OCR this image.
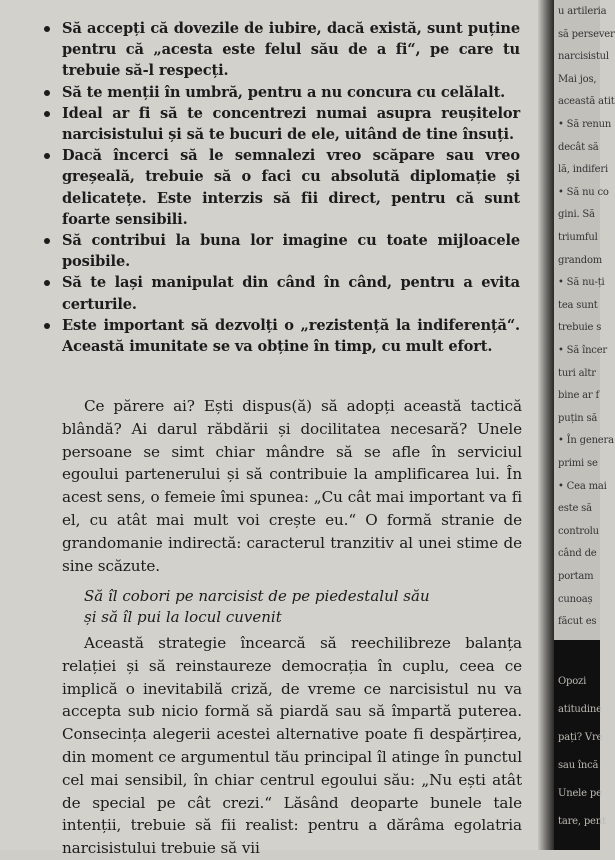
Să accepți că dovezile de iubire, dacă există, sunt puține pentru că „acesta este felul său de a fi“, pe care tu trebuie să-l respecți.
Să te menții în umbră, pentru a nu concura cu celălalt.
Ideal ar fi să te concentrezi numai asupra reușitelor narcisistului și să te bucuri de ele, uitând de tine însuți.
Dacă încerci să le semnalezi vreo scăpare sau vreo greșeală, trebuie să o faci cu absolută diplomație și delicatețe. Este interzis să fii direct, pentru că sunt foarte sensibili.
Să contribui la buna lor imagine cu toate mijloacele posibile.
Să te lași manipulat din când în când, pentru a evita certurile.
Este important să dezvolți o „rezistență la indiferență“. Această imunitate se va obține în timp, cu mult efort.

Ce părere ai? Ești dispus(ă) să adopți această tactică blândă? Ai darul răbdării și docilitatea necesară? Unele persoane se simt chiar mândre să se afle în serviciul egoului partenerului și să contribuie la amplificarea lui. În acest sens, o femeie îmi spunea: „Cu cât mai important va fi el, cu atât mai mult voi crește eu.“ O formă stranie de grandomanie indirectă: caracterul tranzitiv al unei stime de sine scăzute.

Să îl cobori pe narcisist de pe piedestalul său
și să îl pui la locul cuvenit

Această strategie încearcă să reechilibreze balanța relației și să reinstaureze democrația în cuplu, ceea ce implică o inevitabilă criză, de vreme ce narcisistul nu va accepta sub nicio formă să piardă sau să împartă puterea. Consecința alegerii acestei alternative poate fi despărțirea, din moment ce argumentul tău principal îl atinge în punctul cel mai sensibil, în chiar centrul egoului său: „Nu ești atât de special pe cât crezi.“ Lăsând deoparte bunele tale intenții, trebuie să fii realist: pentru a dărâma egolatria narcisistului trebuie să vii

u artileria
să persever
narcisistul
Mai jos,
această atit
• Să renun
decât să
lă, indiferi
• Să nu co
gini. Să
triumful
grandom
• Să nu-ți
tea sunt
trebuie s
• Să încer
turi altr
bine ar f
puțin să
• În genera
primi se
• Cea mai
este să
controlu
când de
portam
cunoaș
făcut es
Opozi
atitudine
pați? Vre
sau încă
Unele pe
tare, pent
